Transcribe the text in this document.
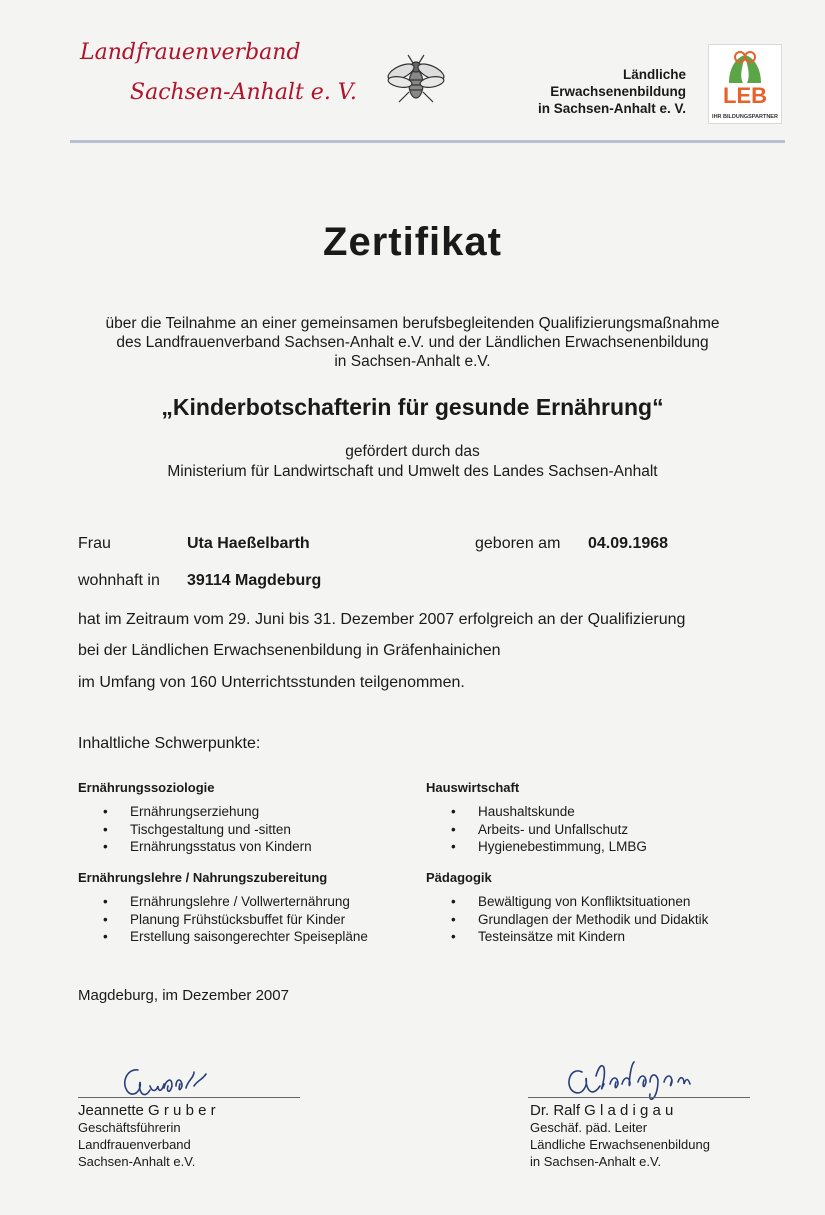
Landfrauenverband
Sachsen-Anhalt e. V.
Ländliche
Erwachsenenbildung
in Sachsen-Anhalt e. V.
LEB
IHR BILDUNGSPARTNER
Zertifikat
über die Teilnahme an einer gemeinsamen berufsbegleitenden Qualifizierungsmaßnahme
des Landfrauenverband Sachsen-Anhalt e.V. und der Ländlichen Erwachsenenbildung
in Sachsen-Anhalt e.V.
„Kinderbotschafterin für gesunde Ernährung“
gefördert durch das
Ministerium für Landwirtschaft und Umwelt des Landes Sachsen-Anhalt
Frau	Uta Haeßelbarth	geboren am 04.09.1968
wohnhaft in 39114 Magdeburg
hat im Zeitraum vom 29. Juni bis 31. Dezember 2007 erfolgreich an der Qualifizierung
bei der Ländlichen Erwachsenenbildung in Gräfenhainichen
im Umfang von 160 Unterrichtsstunden teilgenommen.
Inhaltliche Schwerpunkte:
Ernährungssoziologie
• Ernährungserziehung
• Tischgestaltung und -sitten
• Ernährungsstatus von Kindern
Hauswirtschaft
• Haushaltskunde
• Arbeits- und Unfallschutz
• Hygienebestimmung, LMBG
Ernährungslehre / Nahrungszubereitung
• Ernährungslehre / Vollwerternährung
• Planung Frühstücksbuffet für Kinder
• Erstellung saisongerechter Speisepläne
Pädagogik
• Bewältigung von Konfliktsituationen
• Grundlagen der Methodik und Didaktik
• Testeinsätze mit Kindern
Magdeburg, im Dezember 2007
Jeannette G r u b e r
Geschäftsführerin
Landfrauenverband
Sachsen-Anhalt e.V.
Dr. Ralf G l a d i g a u
Geschäf. päd. Leiter
Ländliche Erwachsenenbildung
in Sachsen-Anhalt e.V.
